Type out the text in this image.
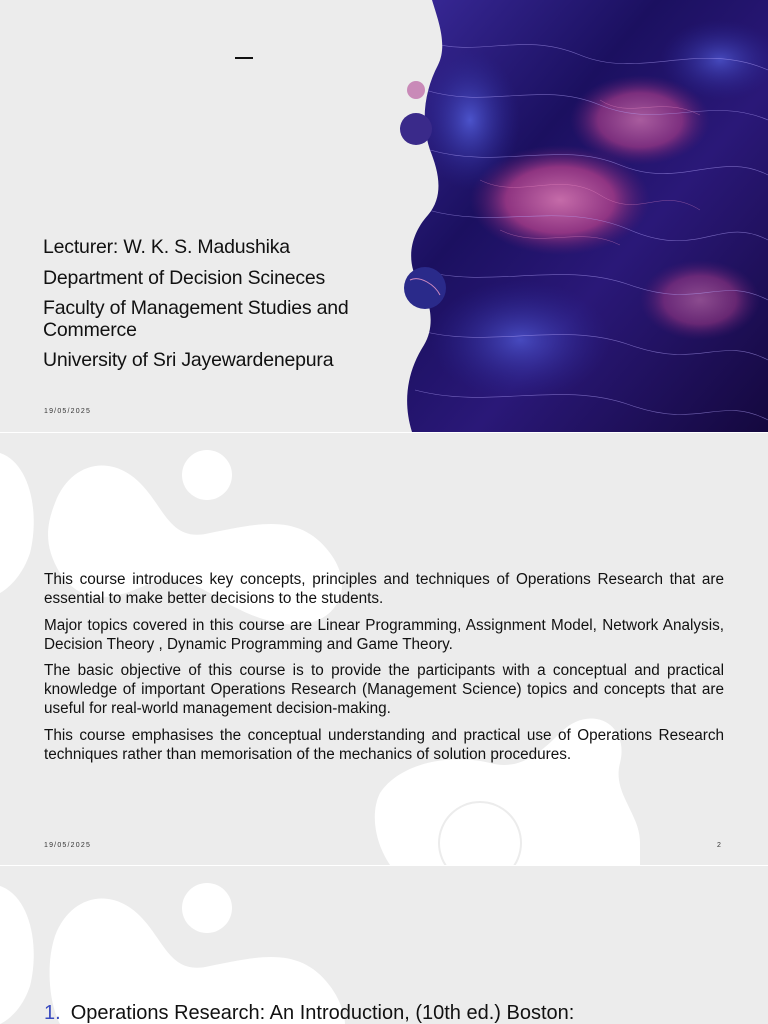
Lecturer: W. K. S. Madushika

Department of Decision Scineces

Faculty of Management Studies and Commerce

University of Sri Jayewardenepura

19/05/2025
19/05/2025	2

This course introduces key concepts, principles and techniques of Operations Research that are essential to make better decisions to the students.

Major topics covered in this course are Linear Programming, Assignment Model, Network Analysis, Decision Theory , Dynamic Programming and Game Theory.

The basic objective of this course is to provide the participants with a conceptual and practical knowledge of important Operations Research (Management Science) topics and concepts that are useful for real-world management decision-making.

This course emphasises the conceptual understanding and practical use of Operations Research techniques rather than memorisation of the mechanics of solution procedures.

1. Operations Research: An Introduction, (10th ed.) Boston:
